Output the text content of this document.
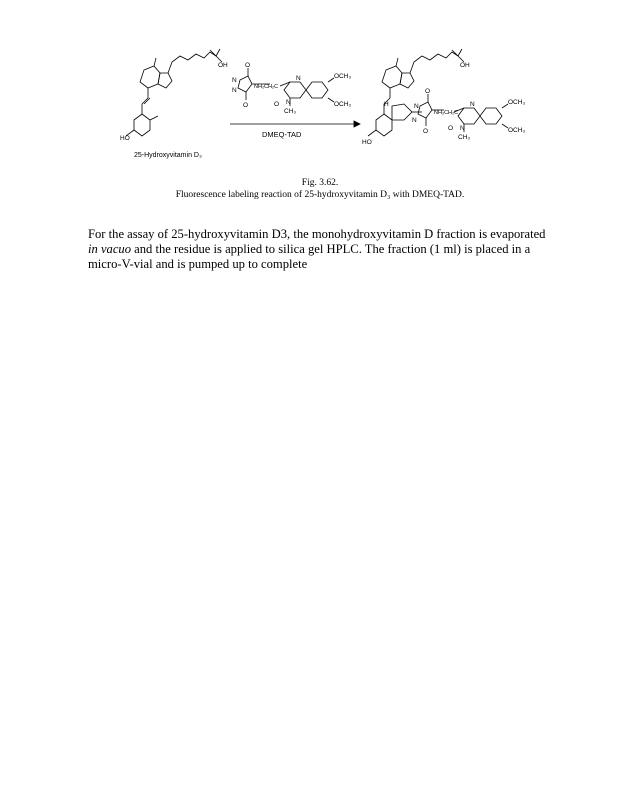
OH
HO
O
N
N
O
NH₂CH₂C
N
N
O
OCH₃
OCH₃
CH₃
OH
HO
H	N
N
O
O
NH₂CH₂C
N
N
O
OCH₃
OCH₃
CH₃
DMEQ-TAD
25-Hydroxyvitamin D₃
Fig. 3.62.
Fluorescence labeling reaction of 25-hydroxyvitamin D₃ with DMEQ-TAD.

For the assay of 25-hydroxyvitamin D3, the monohydroxyvitamin D fraction is evaporated in vacuo and the residue is applied to silica gel HPLC. The fraction (1 ml) is placed in a micro-V-vial and is pumped up to complete
